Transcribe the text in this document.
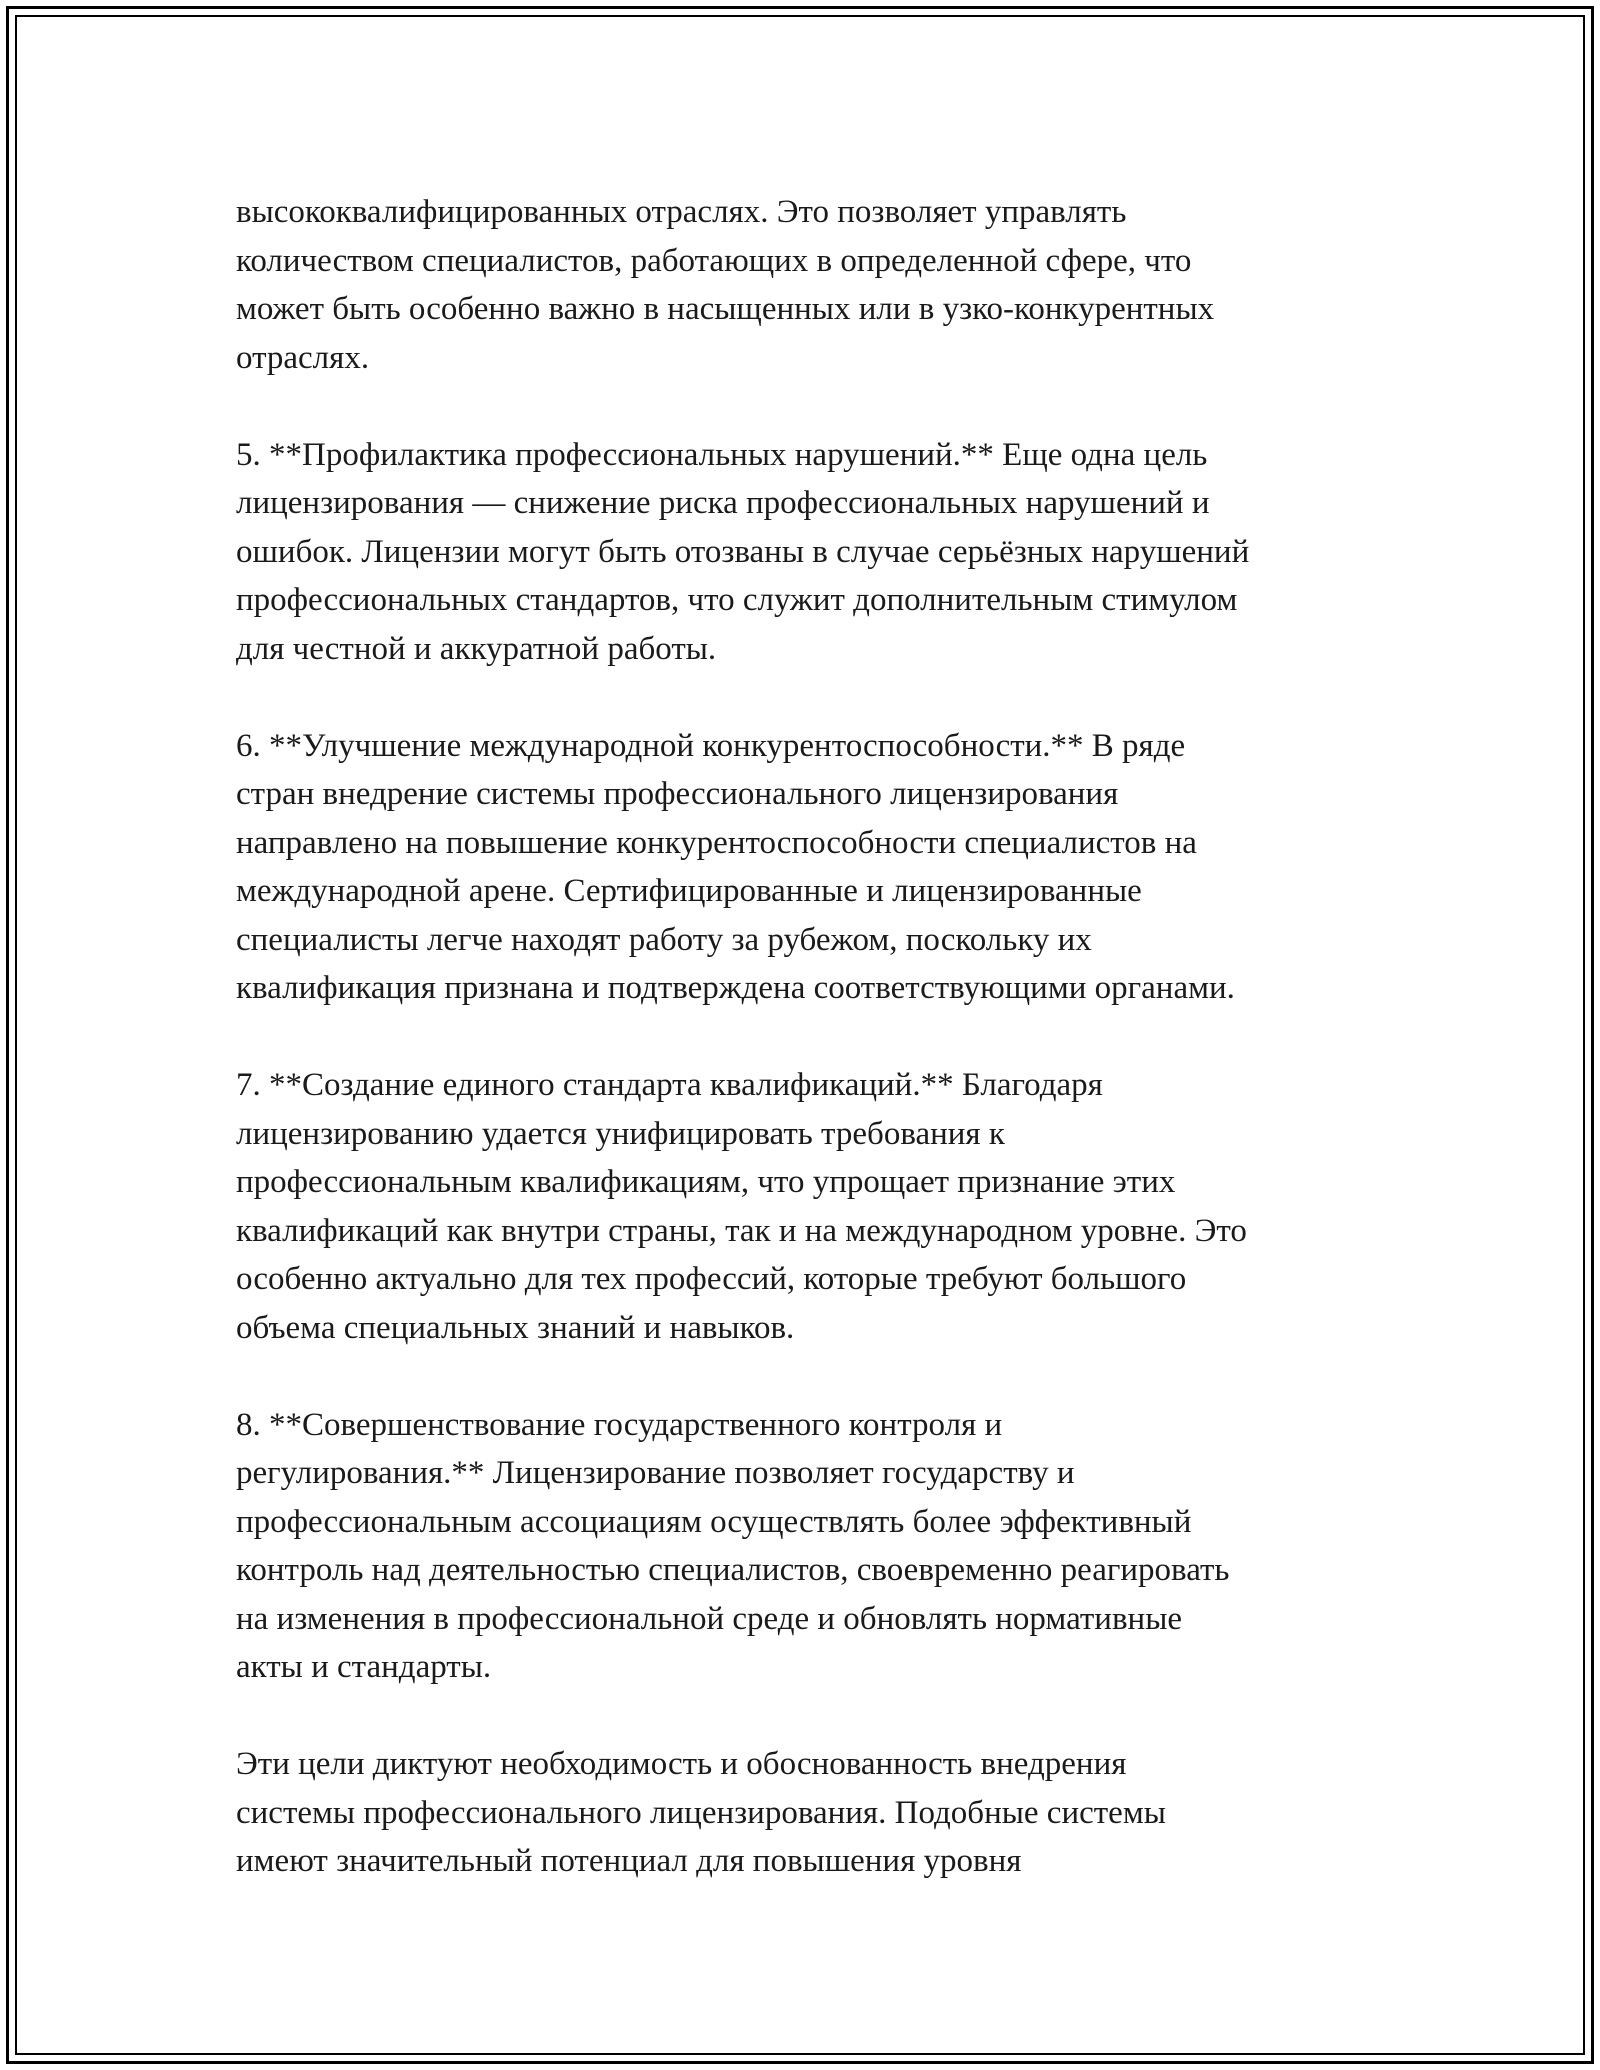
высококвалифицированных отраслях. Это позволяет управлять
количеством специалистов, работающих в определенной сфере, что
может быть особенно важно в насыщенных или в узко-конкурентных
отраслях.

5. **Профилактика профессиональных нарушений.** Еще одна цель
лицензирования — снижение риска профессиональных нарушений и
ошибок. Лицензии могут быть отозваны в случае серьёзных нарушений
профессиональных стандартов, что служит дополнительным стимулом
для честной и аккуратной работы.

6. **Улучшение международной конкурентоспособности.** В ряде
стран внедрение системы профессионального лицензирования
направлено на повышение конкурентоспособности специалистов на
международной арене. Сертифицированные и лицензированные
специалисты легче находят работу за рубежом, поскольку их
квалификация признана и подтверждена соответствующими органами.

7. **Создание единого стандарта квалификаций.** Благодаря
лицензированию удается унифицировать требования к
профессиональным квалификациям, что упрощает признание этих
квалификаций как внутри страны, так и на международном уровне. Это
особенно актуально для тех профессий, которые требуют большого
объема специальных знаний и навыков.

8. **Совершенствование государственного контроля и
регулирования.** Лицензирование позволяет государству и
профессиональным ассоциациям осуществлять более эффективный
контроль над деятельностью специалистов, своевременно реагировать
на изменения в профессиональной среде и обновлять нормативные
акты и стандарты.

Эти цели диктуют необходимость и обоснованность внедрения
системы профессионального лицензирования. Подобные системы
имеют значительный потенциал для повышения уровня
